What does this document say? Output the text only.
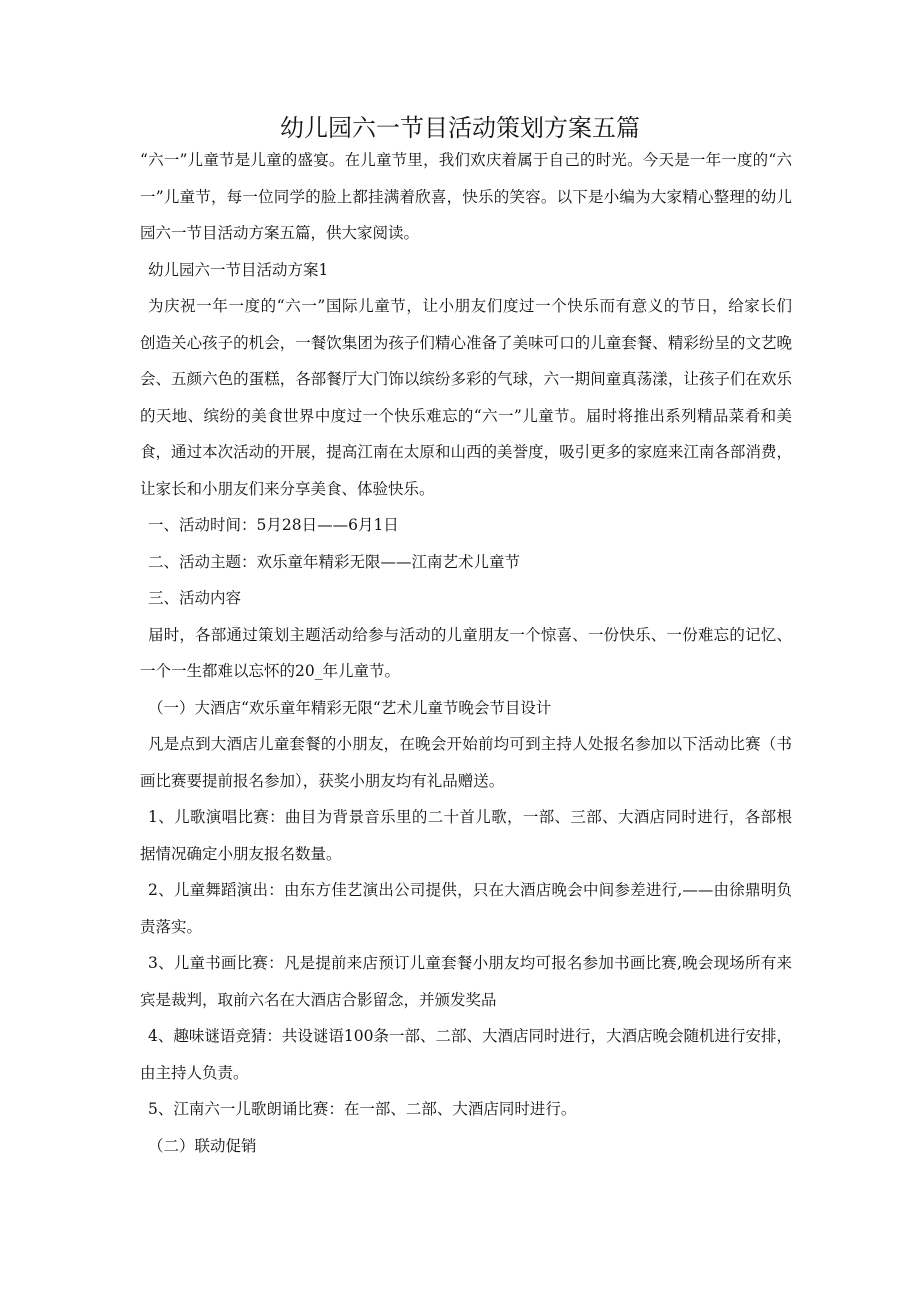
幼儿园六一节目活动策划方案五篇
“六一”儿童节是儿童的盛宴。在儿童节里，我们欢庆着属于自己的时光。今天是一年一度的“六
一”儿童节，每一位同学的脸上都挂满着欣喜，快乐的笑容。以下是小编为大家精心整理的幼儿
园六一节目活动方案五篇，供大家阅读。
幼儿园六一节目活动方案1
为庆祝一年一度的“六一”国际儿童节，让小朋友们度过一个快乐而有意义的节日，给家长们
创造关心孩子的机会，一餐饮集团为孩子们精心准备了美味可口的儿童套餐、精彩纷呈的文艺晚
会、五颜六色的蛋糕，各部餐厅大门饰以缤纷多彩的气球，六一期间童真荡漾，让孩子们在欢乐
的天地、缤纷的美食世界中度过一个快乐难忘的“六一”儿童节。届时将推出系列精品菜肴和美
食，通过本次活动的开展，提高江南在太原和山西的美誉度，吸引更多的家庭来江南各部消费，
让家长和小朋友们来分享美食、体验快乐。
一、活动时间：5月28日——6月1日
二、活动主题：欢乐童年精彩无限——江南艺术儿童节
三、活动内容
届时，各部通过策划主题活动给参与活动的儿童朋友一个惊喜、一份快乐、一份难忘的记忆、
一个一生都难以忘怀的20_年儿童节。
（一）大酒店“欢乐童年精彩无限“艺术儿童节晚会节目设计
凡是点到大酒店儿童套餐的小朋友，在晚会开始前均可到主持人处报名参加以下活动比赛（书
画比赛要提前报名参加），获奖小朋友均有礼品赠送。
1、儿歌演唱比赛：曲目为背景音乐里的二十首儿歌，一部、三部、大酒店同时进行，各部根
据情况确定小朋友报名数量。
2、儿童舞蹈演出：由东方佳艺演出公司提供，只在大酒店晚会中间参差进行,——由徐鼎明负
责落实。
3、儿童书画比赛：凡是提前来店预订儿童套餐小朋友均可报名参加书画比赛,晚会现场所有来
宾是裁判，取前六名在大酒店合影留念，并颁发奖品
4、趣味谜语竞猜：共设谜语100条一部、二部、大酒店同时进行，大酒店晚会随机进行安排，
由主持人负责。
5、江南六一儿歌朗诵比赛：在一部、二部、大酒店同时进行。
（二）联动促销
